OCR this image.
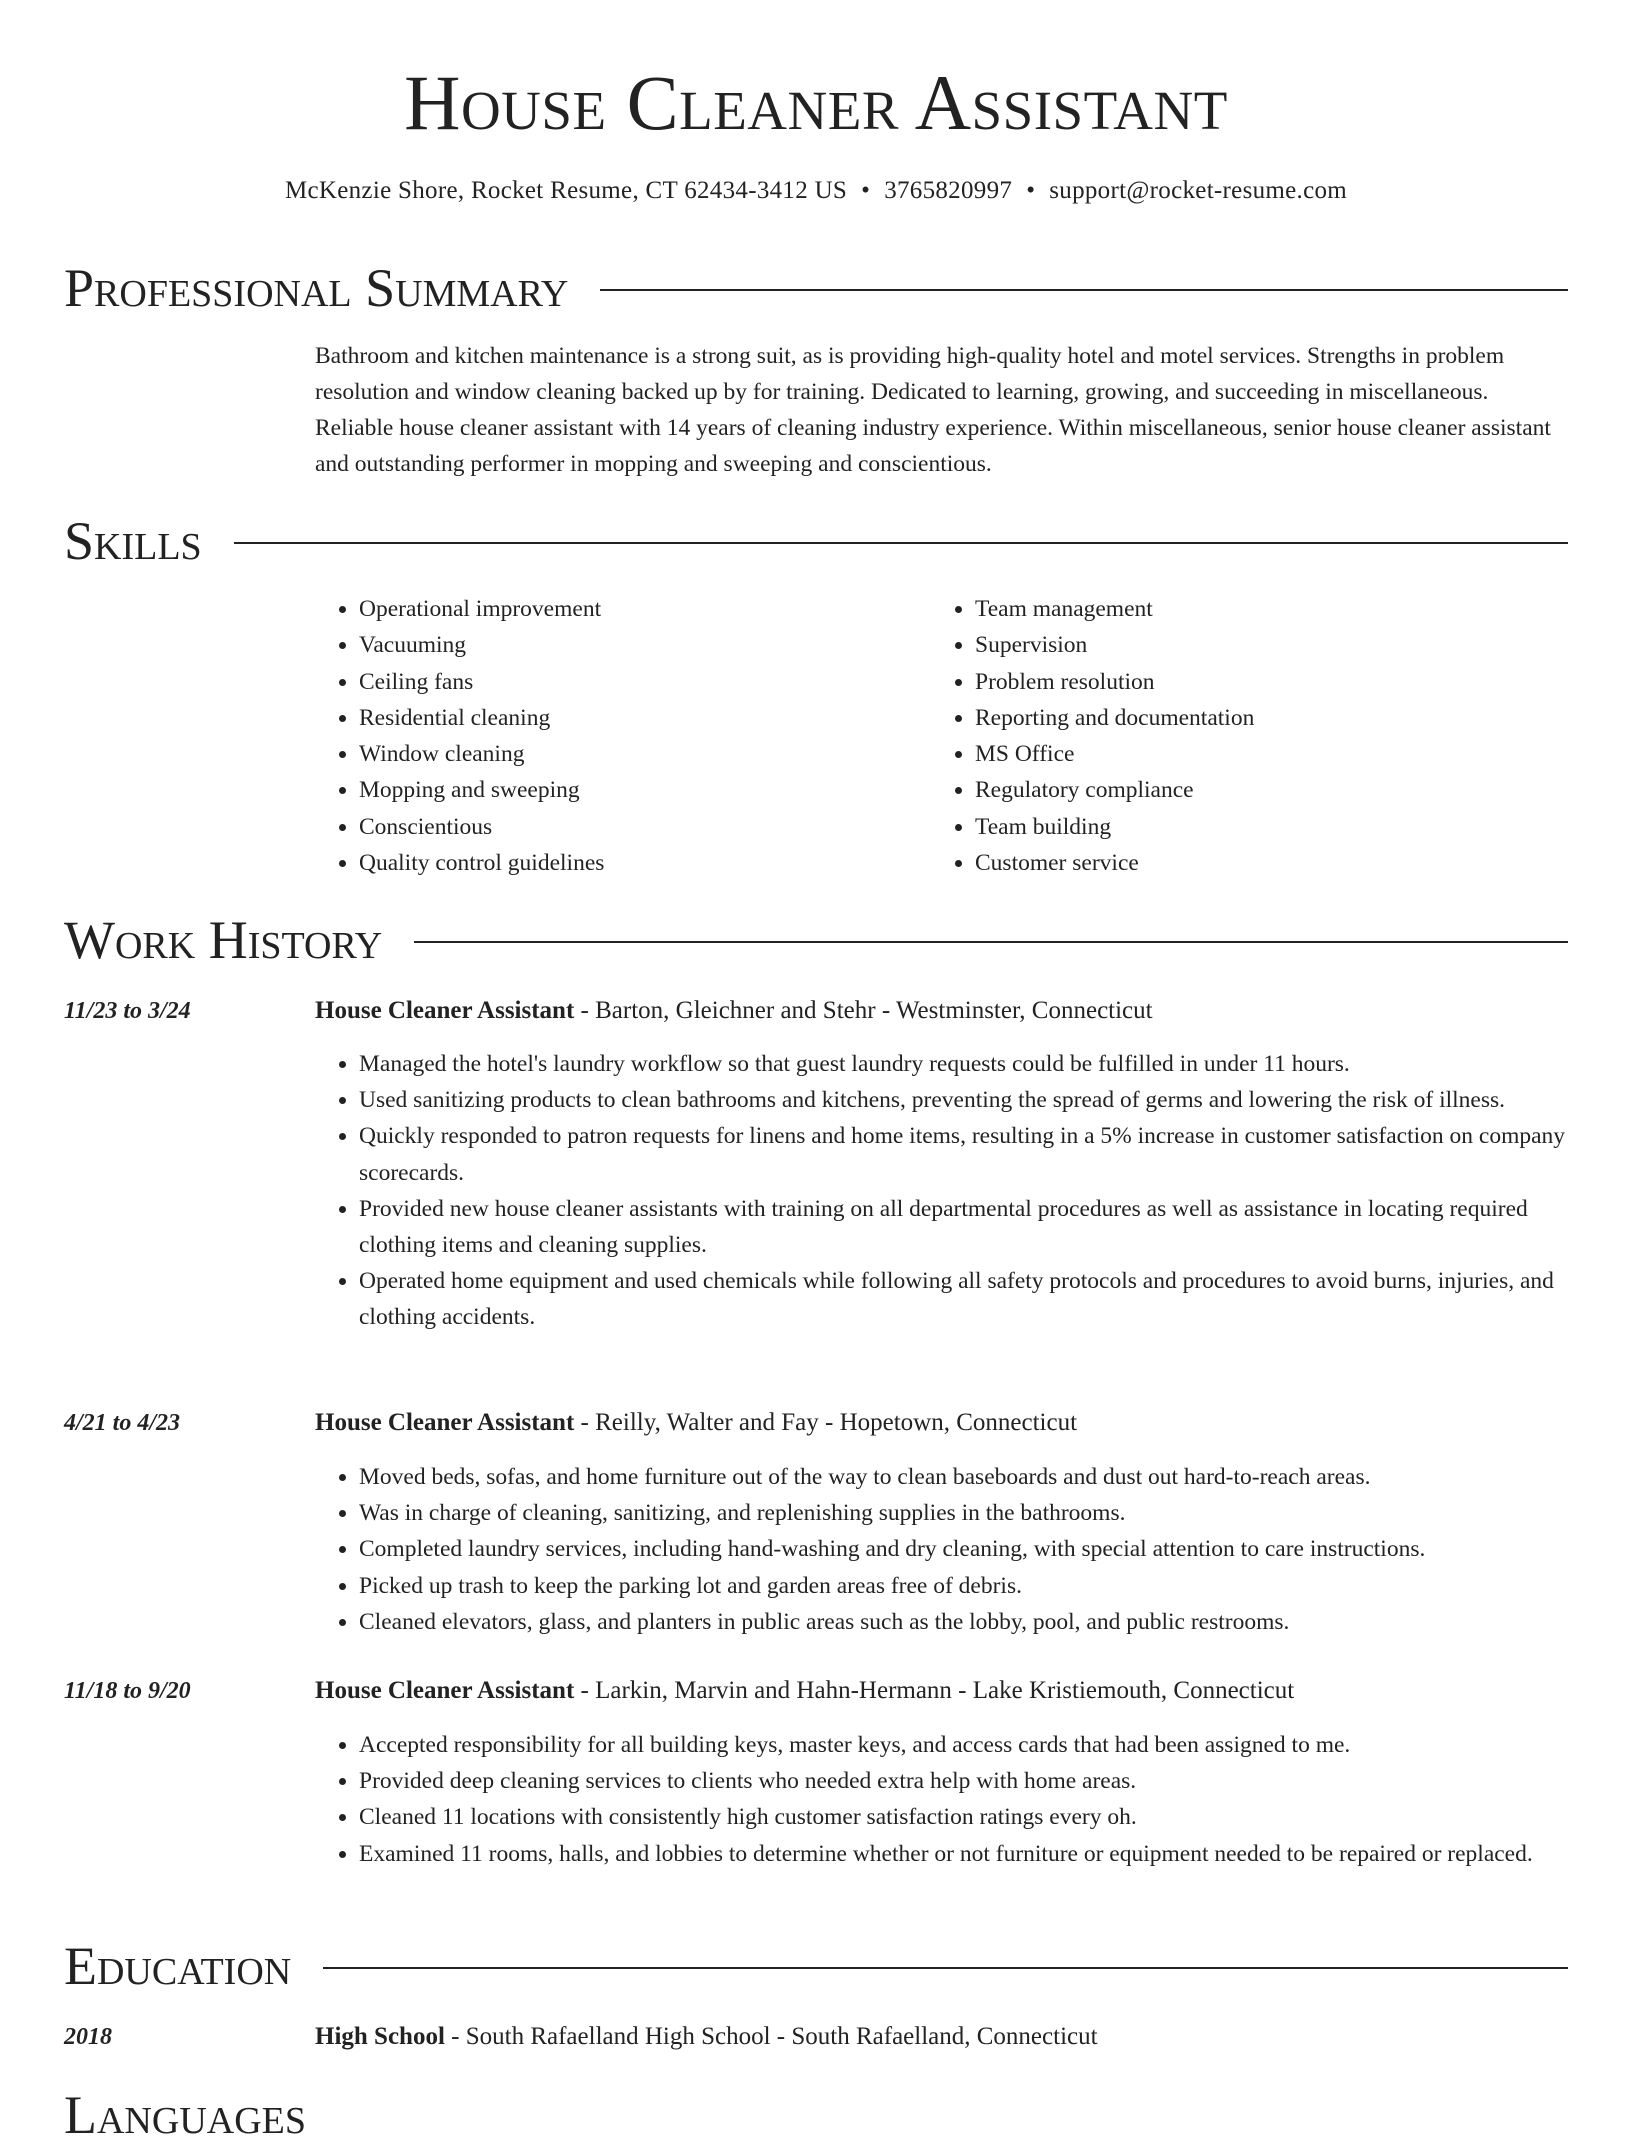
House Cleaner Assistant
McKenzie Shore, Rocket Resume, CT 62434-3412 US • 3765820997 • support@rocket-resume.com
Professional Summary

Bathroom and kitchen maintenance is a strong suit, as is providing high-quality hotel and motel services. Strengths in problem resolution and window cleaning backed up by for training. Dedicated to learning, growing, and succeeding in miscellaneous. Reliable house cleaner assistant with 14 years of cleaning industry experience. Within miscellaneous, senior house cleaner assistant and outstanding performer in mopping and sweeping and conscientious.

Skills
• Operational improvement
• Vacuuming
• Ceiling fans
• Residential cleaning
• Window cleaning
• Mopping and sweeping
• Conscientious
• Quality control guidelines
• Team management
• Supervision
• Problem resolution
• Reporting and documentation
• MS Office
• Regulatory compliance
• Team building
• Customer service
Work History
11/23 to 3/24	House Cleaner Assistant - Barton, Gleichner and Stehr - Westminster, Connecticut
• Managed the hotel's laundry workflow so that guest laundry requests could be fulfilled in under 11 hours.
• Used sanitizing products to clean bathrooms and kitchens, preventing the spread of germs and lowering the risk of illness.
• Quickly responded to patron requests for linens and home items, resulting in a 5% increase in customer satisfaction on company scorecards.
• Provided new house cleaner assistants with training on all departmental procedures as well as assistance in locating required clothing items and cleaning supplies.
• Operated home equipment and used chemicals while following all safety protocols and procedures to avoid burns, injuries, and clothing accidents.
4/21 to 4/23	House Cleaner Assistant - Reilly, Walter and Fay - Hopetown, Connecticut
• Moved beds, sofas, and home furniture out of the way to clean baseboards and dust out hard-to-reach areas.
• Was in charge of cleaning, sanitizing, and replenishing supplies in the bathrooms.
• Completed laundry services, including hand-washing and dry cleaning, with special attention to care instructions.
• Picked up trash to keep the parking lot and garden areas free of debris.
• Cleaned elevators, glass, and planters in public areas such as the lobby, pool, and public restrooms.
11/18 to 9/20	House Cleaner Assistant - Larkin, Marvin and Hahn-Hermann - Lake Kristiemouth, Connecticut
• Accepted responsibility for all building keys, master keys, and access cards that had been assigned to me.
• Provided deep cleaning services to clients who needed extra help with home areas.
• Cleaned 11 locations with consistently high customer satisfaction ratings every oh.
• Examined 11 rooms, halls, and lobbies to determine whether or not furniture or equipment needed to be repaired or replaced.
Education
2018	High School - South Rafaelland High School - South Rafaelland, Connecticut
Languages
